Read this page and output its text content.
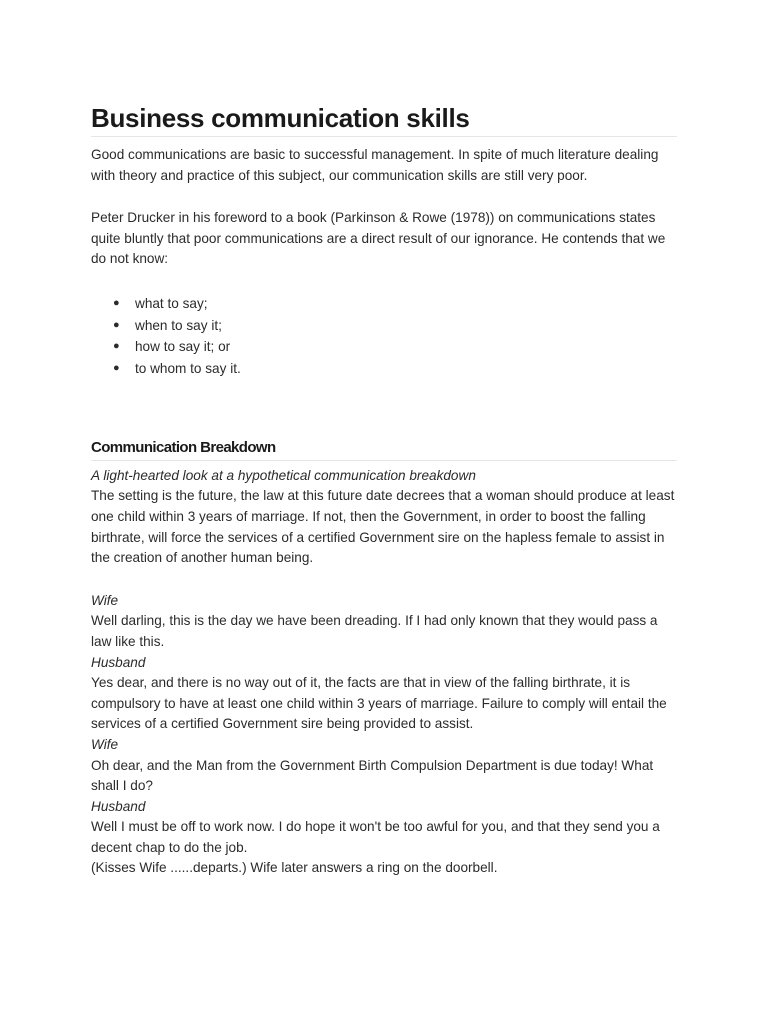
Business communication skills

Good communications are basic to successful management. In spite of much literature dealing with theory and practice of this subject, our communication skills are still very poor.

Peter Drucker in his foreword to a book (Parkinson & Rowe (1978)) on communications states quite bluntly that poor communications are a direct result of our ignorance. He contends that we do not know:

● what to say;
● when to say it;
● how to say it; or
● to whom to say it.
Communication Breakdown

A light-hearted look at a hypothetical communication breakdown

The setting is the future, the law at this future date decrees that a woman should produce at least one child within 3 years of marriage. If not, then the Government, in order to boost the falling birthrate, will force the services of a certified Government sire on the hapless female to assist in the creation of another human being.

Wife

Well darling, this is the day we have been dreading. If I had only known that they would pass a law like this.

Husband

Yes dear, and there is no way out of it, the facts are that in view of the falling birthrate, it is compulsory to have at least one child within 3 years of marriage. Failure to comply will entail the services of a certified Government sire being provided to assist.

Wife

Oh dear, and the Man from the Government Birth Compulsion Department is due today! What shall I do?

Husband

Well I must be off to work now. I do hope it won't be too awful for you, and that they send you a decent chap to do the job.

(Kisses Wife ......departs.) Wife later answers a ring on the doorbell.
